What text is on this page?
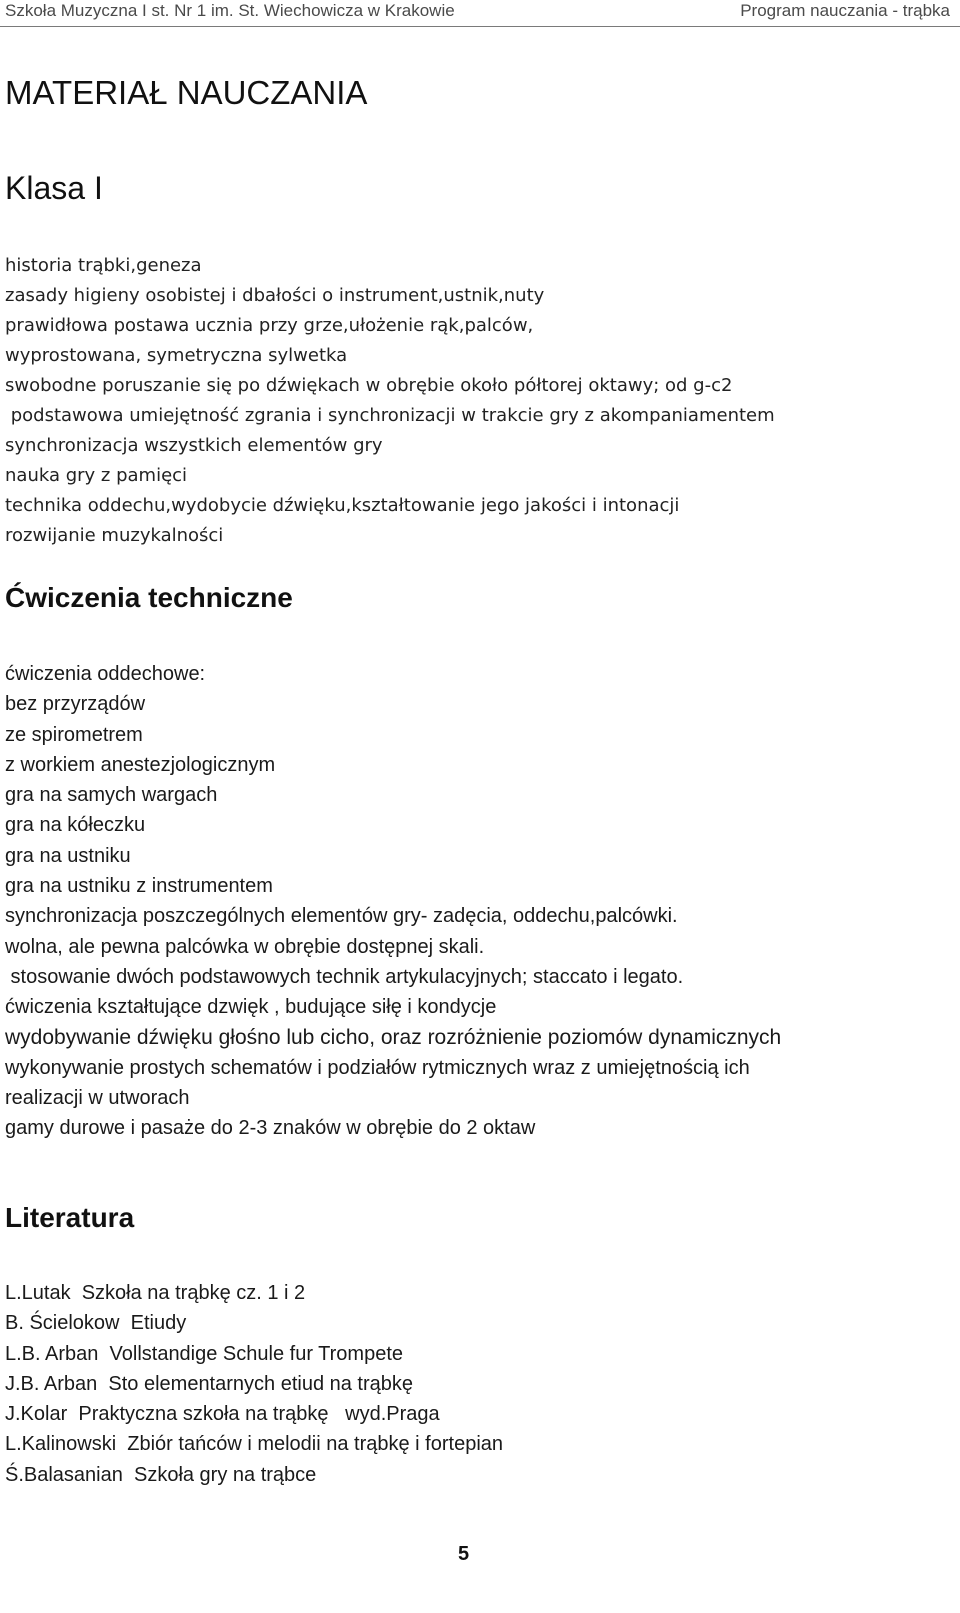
Szkoła Muzyczna I st. Nr 1 im. St. Wiechowicza w Krakowie	Program nauczania - trąbka
MATERIAŁ NAUCZANIA
Klasa I
historia trąbki,geneza
zasady higieny osobistej i dbałości o instrument,ustnik,nuty
prawidłowa postawa ucznia przy grze,ułożenie rąk,palców,
wyprostowana, symetryczna sylwetka
swobodne poruszanie się po dźwiękach w obrębie około półtorej oktawy; od g-c2
podstawowa umiejętność zgrania i synchronizacji w trakcie gry z akompaniamentem
synchronizacja wszystkich elementów gry
nauka gry z pamięci
technika oddechu,wydobycie dźwięku,kształtowanie jego jakości i intonacji
rozwijanie muzykalności
Ćwiczenia techniczne
ćwiczenia oddechowe:
bez przyrządów
ze spirometrem
z workiem anestezjologicznym
gra na samych wargach
gra na kółeczku
gra na ustniku
gra na ustniku z instrumentem
synchronizacja poszczególnych elementów gry- zadęcia, oddechu,palcówki.
wolna, ale pewna palcówka w obrębie dostępnej skali.
stosowanie dwóch podstawowych technik artykulacyjnych; staccato i legato.
ćwiczenia kształtujące dzwięk , budujące siłę i kondycje
wydobywanie dźwięku głośno lub cicho, oraz rozróżnienie poziomów dynamicznych
wykonywanie prostych schematów i podziałów rytmicznych wraz z umiejętnością ich
realizacji w utworach
gamy durowe i pasaże do 2-3 znaków w obrębie do 2 oktaw
Literatura
L.Lutak  Szkoła na trąbkę cz. 1 i 2
B. Ścielokow  Etiudy
L.B. Arban  Vollstandige Schule fur Trompete
J.B. Arban  Sto elementarnych etiud na trąbkę
J.Kolar  Praktyczna szkoła na trąbkę   wyd.Praga
L.Kalinowski  Zbiór tańców i melodii na trąbkę i fortepian
Ś.Balasanian  Szkoła gry na trąbce
5
